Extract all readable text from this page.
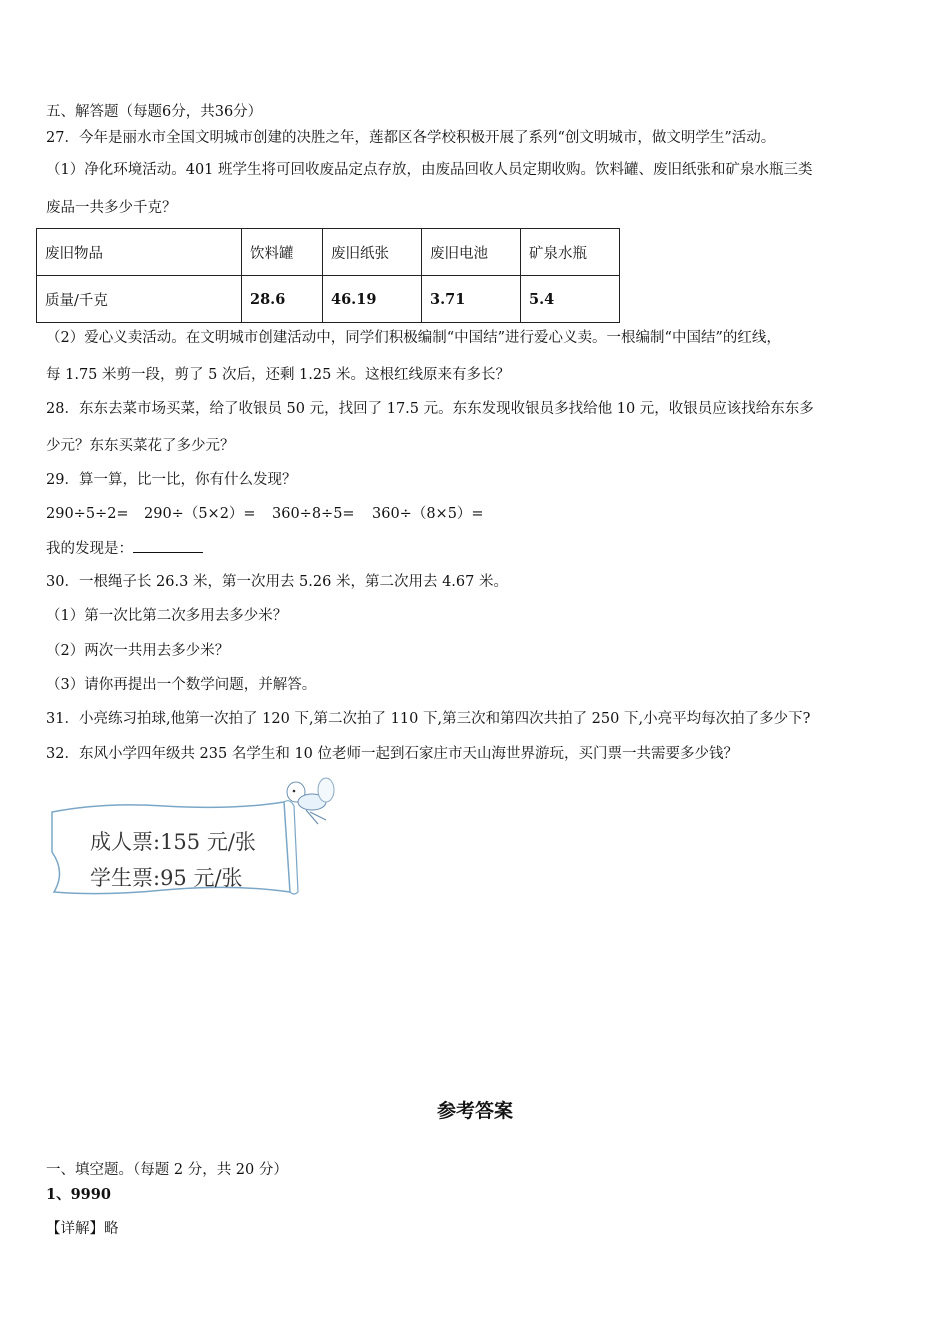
五、解答题（每题6分，共36分）
27．今年是丽水市全国文明城市创建的决胜之年，莲都区各学校积极开展了系列“创文明城市，做文明学生”活动。
（1）净化环境活动。401 班学生将可回收废品定点存放，由废品回收人员定期收购。饮料罐、废旧纸张和矿泉水瓶三类
废品一共多少千克？
废旧物品	饮料罐	废旧纸张	废旧电池	矿泉水瓶
质量/千克	28.6	46.19	3.71	5.4
（2）爱心义卖活动。在文明城市创建活动中，同学们积极编制“中国结”进行爱心义卖。一根编制“中国结”的红线，
每 1.75 米剪一段，剪了 5 次后，还剩 1.25 米。这根红线原来有多长？
28．东东去菜市场买菜，给了收银员 50 元，找回了 17.5 元。东东发现收银员多找给他 10 元，收银员应该找给东东多
少元？东东买菜花了多少元？
29．算一算，比一比，你有什么发现？
290÷5÷2= 290÷（5×2）= 360÷8÷5= 360÷（8×5）=
我的发现是：
30．一根绳子长 26.3 米，第一次用去 5.26 米，第二次用去 4.67 米。
（1）第一次比第二次多用去多少米？
（2）两次一共用去多少米？
（3）请你再提出一个数学问题，并解答。
31．小亮练习拍球,他第一次拍了 120 下,第二次拍了 110 下,第三次和第四次共拍了 250 下,小亮平均每次拍了多少下?
32．东风小学四年级共 235 名学生和 10 位老师一起到石家庄市天山海世界游玩，买门票一共需要多少钱？
成人票:155 元/张
学生票:95 元/张
参考答案
一、填空题。（每题 2 分，共 20 分）
1、9990
【详解】略
